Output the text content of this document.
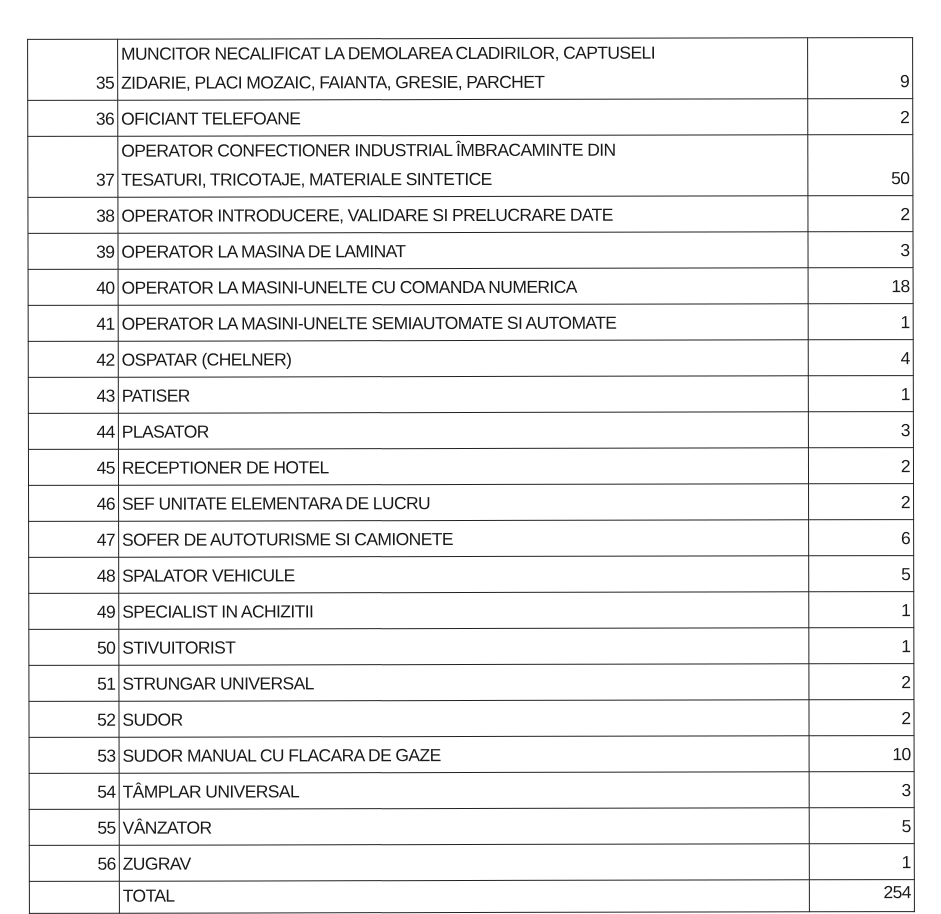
35	MUNCITOR NECALIFICAT LA DEMOLAREA CLADIRILOR, CAPTUSELI
ZIDARIE, PLACI MOZAIC, FAIANTA, GRESIE, PARCHET	9
36	OFICIANT TELEFOANE	2
37	OPERATOR CONFECTIONER INDUSTRIAL ÎMBRACAMINTE DIN
TESATURI, TRICOTAJE, MATERIALE SINTETICE	50
38	OPERATOR INTRODUCERE, VALIDARE SI PRELUCRARE DATE	2
39	OPERATOR LA MASINA DE LAMINAT	3
40	OPERATOR LA MASINI-UNELTE CU COMANDA NUMERICA	18
41	OPERATOR LA MASINI-UNELTE SEMIAUTOMATE SI AUTOMATE	1
42	OSPATAR (CHELNER)	4
43	PATISER	1
44	PLASATOR	3
45	RECEPTIONER DE HOTEL	2
46	SEF UNITATE ELEMENTARA DE LUCRU	2
47	SOFER DE AUTOTURISME SI CAMIONETE	6
48	SPALATOR VEHICULE	5
49	SPECIALIST IN ACHIZITII	1
50	STIVUITORIST	1
51	STRUNGAR UNIVERSAL	2
52	SUDOR	2
53	SUDOR MANUAL CU FLACARA DE GAZE	10
54	TÂMPLAR UNIVERSAL	3
55	VÂNZATOR	5
56	ZUGRAV	1
	TOTAL	254
